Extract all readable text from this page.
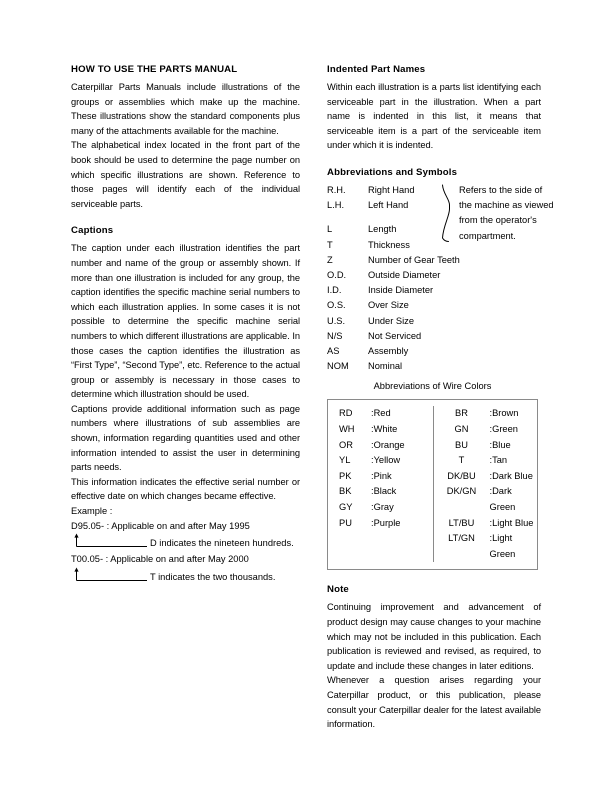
HOW TO USE THE PARTS MANUAL

Caterpillar Parts Manuals include illustrations of the groups or assemblies which make up the machine. These illustrations show the standard components plus many of the attachments available for the machine.

The alphabetical index located in the front part of the book should be used to determine the page number on which specific illustrations are shown. Reference to those pages will identify each of the individual serviceable parts.

Captions

The caption under each illustration identifies the part number and name of the group or assembly shown. If more than one illustration is included for any group, the caption identifies the specific machine serial numbers to which each illustration applies. In some cases it is not possible to determine the specific machine serial numbers to which different illustrations are applicable. In those cases the caption identifies the illustration as “First Type”, “Second Type”, etc. Reference to the actual group or assembly is necessary in those cases to determine which illustration should be used.

Captions provide additional information such as page numbers where illustrations of sub assemblies are shown, information regarding quantities used and other information intended to assist the user in determining parts needs.

This information indicates the effective serial number or effective date on which changes became effective.

Example :
D95.05- : Applicable on and after May 1995
D indicates the nineteen hundreds.
T00.05- : Applicable on and after May 2000
T indicates the two thousands.
Indented Part Names

Within each illustration is a parts list identifying each serviceable part in the illustration. When a part name is indented in this list, it means that serviceable item is a part of the serviceable item under which it is indented.

Abbreviations and Symbols
R.H.	Right Hand
L.H.	Left Hand
Refers to the side of
the machine as viewed
from the operator's
compartment.
L	Length
T	Thickness
Z	Number of Gear Teeth
O.D.	Outside Diameter
I.D.	Inside Diameter
O.S.	Over Size
U.S.	Under Size
N/S	Not Serviced
AS	Assembly
NOM	Nominal
Abbreviations of Wire Colors
RD	:Red
WH	:White
OR	:Orange
YL	:Yellow
PK	:Pink
BK	:Black
GY	:Gray
PU	:Purple
BR	:Brown
GN	:Green
BU	:Blue
T	:Tan
DK/BU	:Dark Blue
DK/GN	:Dark Green
LT/BU	:Light Blue
LT/GN	:Light Green
Note

Continuing improvement and advancement of product design may cause changes to your machine which may not be included in this publication. Each publication is reviewed and revised, as required, to update and include these changes in later editions.

Whenever a question arises regarding your Caterpillar product, or this publication, please consult your Caterpillar dealer for the latest available information.
